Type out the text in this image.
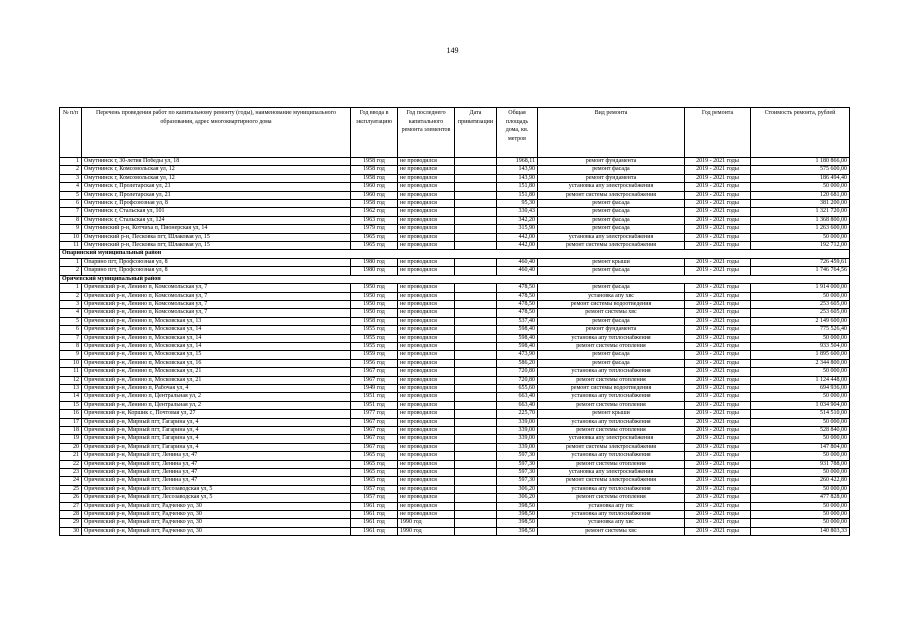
149
№ п/п	Перечень проведения работ по капитальному ремонту (годы), наименование муниципального образования, адрес многоквартирного дома	Год ввода в эксплуатацию	Год последнего капитального ремонта элементов	Дата приватизации	Общая площадь дома, кв. метров	Вид ремонта	Год ремонта	Стоимость ремонта, рублей
1	Омутнинск г, 30-летия Победы ул, 18	1958 год	не проводился		1968,11	ремонт фундамента	2019 - 2021 годы	1 180 866,00
2	Омутнинск г, Комсомольская ул, 12	1958 год	не проводился		143,90	ремонт фасада	2019 - 2021 годы	575 600,00
3	Омутнинск г, Комсомольская ул, 12	1958 год	не проводился		143,90	ремонт фундамента	2019 - 2021 годы	186 494,40
4	Омутнинск г, Пролетарская ул, 21	1960 год	не проводился		151,80	установка апу электроснабжения	2019 - 2021 годы	50 000,00
5	Омутнинск г, Пролетарская ул, 21	1960 год	не проводился		151,80	ремонт системы электроснабжения	2019 - 2021 годы	120 681,00
6	Омутнинск г, Профсоюзная ул, 8	1958 год	не проводился		95,30	ремонт фасада	2019 - 2021 годы	381 200,00
7	Омутнинск г, Стальская ул, 101	1962 год	не проводился		330,43	ремонт фасада	2019 - 2021 годы	1 321 720,00
8	Омутнинск г, Стальская ул, 124	1963 год	не проводился		342,20	ремонт фасада	2019 - 2021 годы	1 368 800,00
9	Омутнинский р-н, Котчиха п, Пионерская ул, 14	1979 год	не проводился		315,90	ремонт фасада	2019 - 2021 годы	1 263 600,00
10	Омутнинский р-н, Песковка пгт, Шлаковая ул, 15	1965 год	не проводился		442,00	установка апу электроснабжения	2019 - 2021 годы	50 000,00
11	Омутнинский р-н, Песковка пгт, Шлаковая ул, 15	1965 год	не проводился		442,00	ремонт системы электроснабжения	2019 - 2021 годы	192 712,00
Опаринский муниципальный район								
1	Опарино пгт, Профсоюзная ул, 8	1980 год	не проводился		460,40	ремонт крыши	2019 - 2021 годы	726 459,61
2	Опарино пгт, Профсоюзная ул, 8	1980 год	не проводился		460,40	ремонт фасада	2019 - 2021 годы	1 746 764,56
Оричевский муниципальный район								
1	Оричевский р-н, Ленинo п, Комсомольская ул, 7	1950 год	не проводился		478,50	ремонт фасада	2019 - 2021 годы	1 914 000,00
2	Оричевский р-н, Ленинo п, Комсомольская ул, 7	1950 год	не проводился		478,50	установка апу хвс	2019 - 2021 годы	50 000,00
3	Оричевский р-н, Ленинo п, Комсомольская ул, 7	1950 год	не проводился		478,50	ремонт системы водоотведения	2019 - 2021 годы	253 605,00
4	Оричевский р-н, Ленинo п, Комсомольская ул, 7	1950 год	не проводился		478,50	ремонт системы хвс	2019 - 2021 годы	253 605,00
5	Оричевский р-н, Ленинo п, Московская ул, 13	1958 год	не проводился		537,40	ремонт фасада	2019 - 2021 годы	2 149 600,00
6	Оричевский р-н, Ленинo п, Московская ул, 14	1955 год	не проводился		598,40	ремонт фундамента	2019 - 2021 годы	775 526,40
7	Оричевский р-н, Ленинo п, Московская ул, 14	1955 год	не проводился		598,40	установка апу теплоснабжения	2019 - 2021 годы	50 000,00
8	Оричевский р-н, Ленинo п, Московская ул, 14	1955 год	не проводился		598,40	ремонт системы отопления	2019 - 2021 годы	933 504,00
9	Оричевский р-н, Ленинo п, Московская ул, 15	1959 год	не проводился		473,90	ремонт фасада	2019 - 2021 годы	1 895 600,00
10	Оричевский р-н, Ленинo п, Московская ул, 16	1956 год	не проводился		586,20	ремонт фасада	2019 - 2021 годы	2 344 800,00
11	Оричевский р-н, Ленинo п, Московская ул, 21	1967 год	не проводился		720,80	установка апу теплоснабжения	2019 - 2021 годы	50 000,00
12	Оричевский р-н, Ленинo п, Московская ул, 21	1967 год	не проводился		720,80	ремонт системы отопления	2019 - 2021 годы	1 124 448,00
13	Оричевский р-н, Ленинo п, Рабочая ул, 4	1949 год	не проводился		655,60	ремонт системы водоотведения	2019 - 2021 годы	694 936,00
14	Оричевский р-н, Ленинo п, Центральная ул, 2	1951 год	не проводился		663,40	установка апу теплоснабжения	2019 - 2021 годы	50 000,00
15	Оричевский р-н, Ленинo п, Центральная ул, 2	1951 год	не проводился		663,40	ремонт системы отопления	2019 - 2021 годы	1 034 904,00
16	Оричевский р-н, Коршик с, Почтовая ул, 27	1977 год	не проводился		225,70	ремонт крыши	2019 - 2021 годы	514 510,00
17	Оричевский р-н, Мирный пгт, Гагарина ул, 4	1967 год	не проводился		339,00	установка апу теплоснабжения	2019 - 2021 годы	50 000,00
18	Оричевский р-н, Мирный пгт, Гагарина ул, 4	1967 год	не проводился		339,00	ремонт системы отопления	2019 - 2021 годы	528 840,00
19	Оричевский р-н, Мирный пгт, Гагарина ул, 4	1967 год	не проводился		339,00	установка апу электроснабжения	2019 - 2021 годы	50 000,00
20	Оричевский р-н, Мирный пгт, Гагарина ул, 4	1967 год	не проводился		339,00	ремонт системы электроснабжения	2019 - 2021 годы	147 804,00
21	Оричевский р-н, Мирный пгт, Ленина ул, 47	1965 год	не проводился		597,30	установка апу теплоснабжения	2019 - 2021 годы	50 000,00
22	Оричевский р-н, Мирный пгт, Ленина ул, 47	1965 год	не проводился		597,30	ремонт системы отопления	2019 - 2021 годы	931 788,00
23	Оричевский р-н, Мирный пгт, Ленина ул, 47	1965 год	не проводился		597,30	установка апу электроснабжения	2019 - 2021 годы	50 000,00
24	Оричевский р-н, Мирный пгт, Ленина ул, 47	1965 год	не проводился		597,30	ремонт системы электроснабжения	2019 - 2021 годы	260 422,80
25	Оричевский р-н, Мирный пгт, Лесозаводская ул, 5	1957 год	не проводился		306,20	установка апу теплоснабжения	2019 - 2021 годы	50 000,00
26	Оричевский р-н, Мирный пгт, Лесозаводская ул, 5	1957 год	не проводился		306,20	ремонт системы отопления	2019 - 2021 годы	477 828,00
27	Оричевский р-н, Мирный пгт, Радченко ул, 30	1961 год	не проводился		398,50	установка апу гвс	2019 - 2021 годы	50 000,00
28	Оричевский р-н, Мирный пгт, Радченко ул, 30	1961 год	не проводился		398,50	установка апу теплоснабжения	2019 - 2021 годы	50 000,00
29	Оричевский р-н, Мирный пгт, Радченко ул, 30	1961 год	1990 год		398,50	установка апу хвс	2019 - 2021 годы	50 000,00
30	Оричевский р-н, Мирный пгт, Радченко ул, 30	1961 год	1990 год		398,50	ремонт системы хвс	2019 - 2021 годы	140 803,33
